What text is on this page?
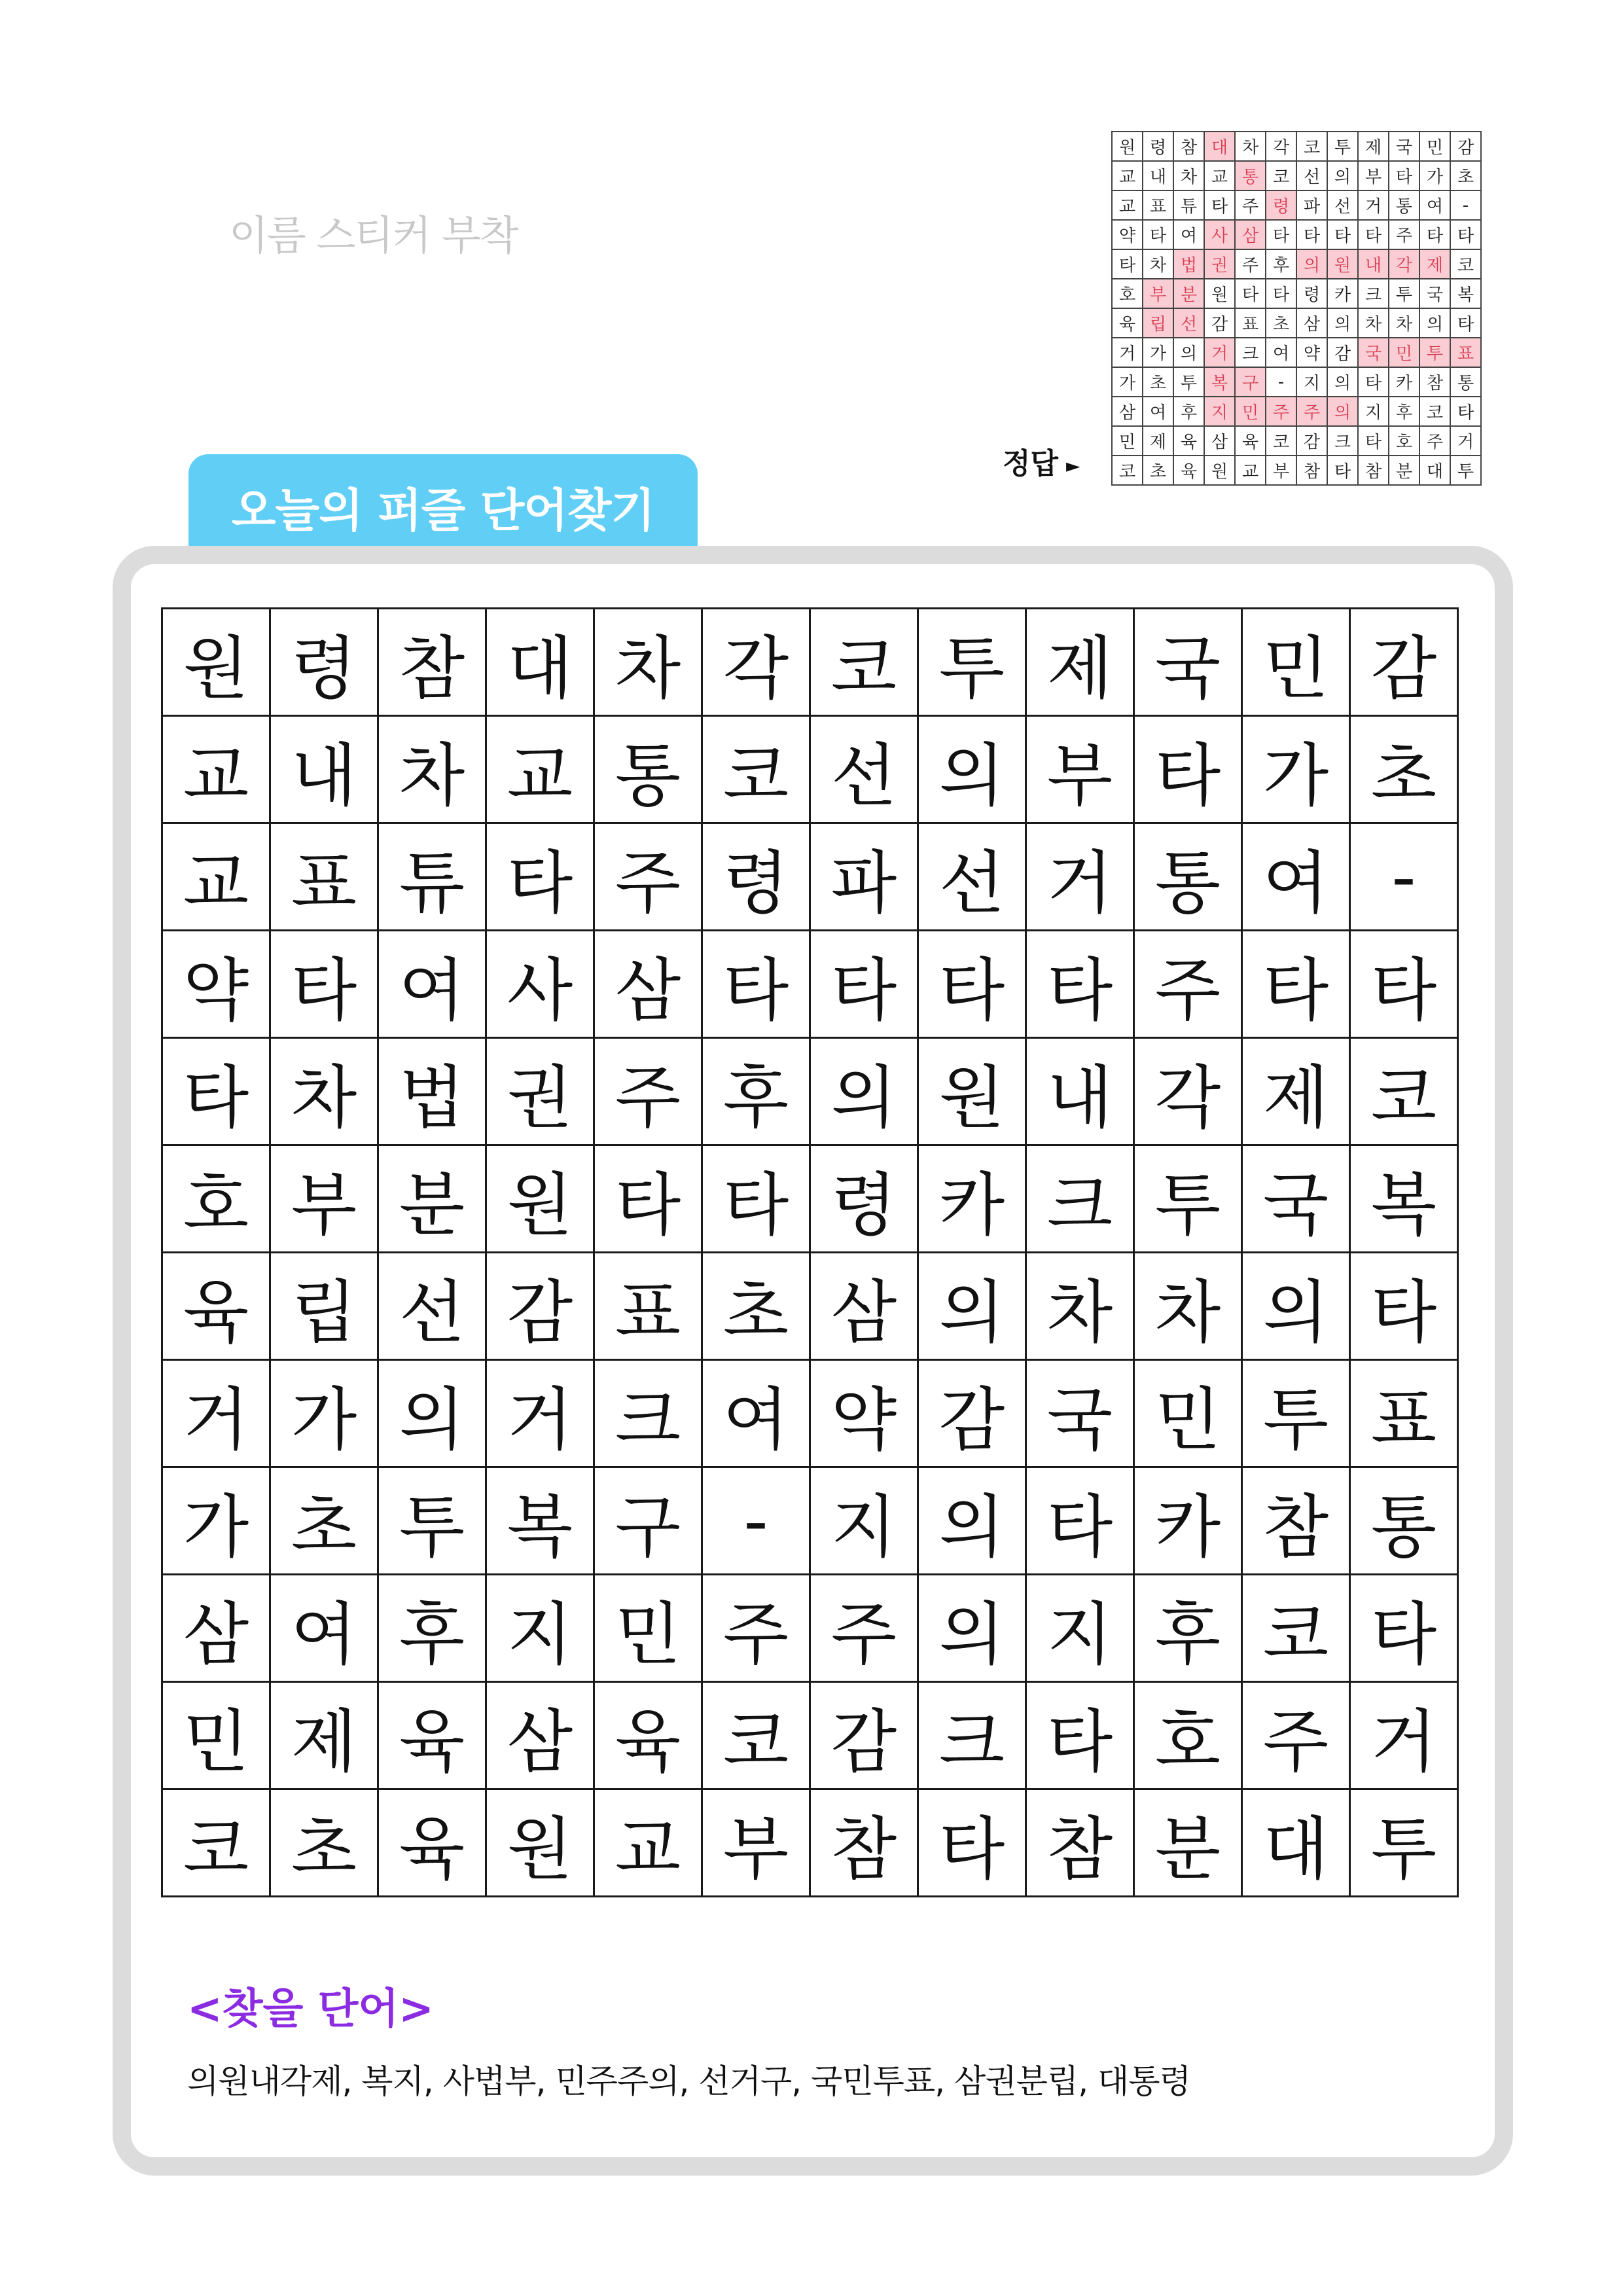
이름 스티커 부착
정답 ►
원	령	참	대	차	각	코	투	제	국	민	감
교	내	차	교	통	코	선	의	부	타	가	초
교	표	튜	타	주	령	파	선	거	통	여	-
약	타	여	사	삼	타	타	타	타	주	타	타
타	차	법	권	주	후	의	원	내	각	제	코
호	부	분	원	타	타	령	카	크	투	국	복
육	립	선	감	표	초	삼	의	차	차	의	타
거	가	의	거	크	여	약	감	국	민	투	표
가	초	투	복	구	-	지	의	타	카	참	통
삼	여	후	지	민	주	주	의	지	후	코	타
민	제	육	삼	육	코	감	크	타	호	주	거
코	초	육	원	교	부	참	타	참	분	대	투
오늘의 퍼즐 단어찾기
원	령	참	대	차	각	코	투	제	국	민	감
교	내	차	교	통	코	선	의	부	타	가	초
교	표	튜	타	주	령	파	선	거	통	여	-
약	타	여	사	삼	타	타	타	타	주	타	타
타	차	법	권	주	후	의	원	내	각	제	코
호	부	분	원	타	타	령	카	크	투	국	복
육	립	선	감	표	초	삼	의	차	차	의	타
거	가	의	거	크	여	약	감	국	민	투	표
가	초	투	복	구	-	지	의	타	카	참	통
삼	여	후	지	민	주	주	의	지	후	코	타
민	제	육	삼	육	코	감	크	타	호	주	거
코	초	육	원	교	부	참	타	참	분	대	투
<찾을 단어>
의원내각제, 복지, 사법부, 민주주의, 선거구, 국민투표, 삼권분립, 대통령
